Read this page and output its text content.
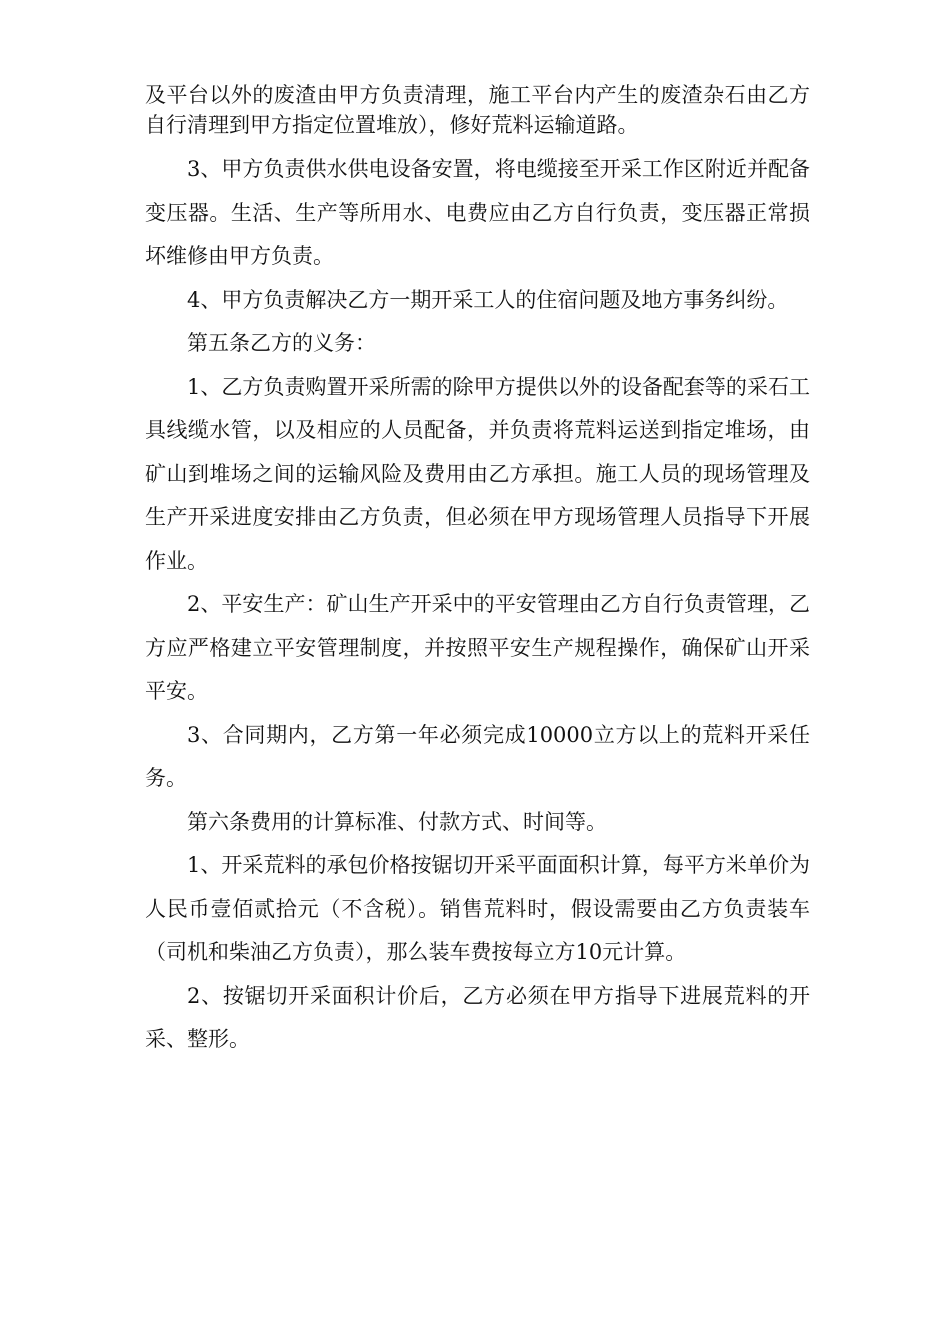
及平台以外的废渣由甲方负责清理，施工平台内产生的废渣杂石由乙方自行清理到甲方指定位置堆放），修好荒料运输道路。

3、甲方负责供水供电设备安置，将电缆接至开采工作区附近并配备变压器。生活、生产等所用水、电费应由乙方自行负责，变压器正常损坏维修由甲方负责。

4、甲方负责解决乙方一期开采工人的住宿问题及地方事务纠纷。

第五条乙方的义务：

1、乙方负责购置开采所需的除甲方提供以外的设备配套等的采石工具线缆水管，以及相应的人员配备，并负责将荒料运送到指定堆场，由矿山到堆场之间的运输风险及费用由乙方承担。施工人员的现场管理及生产开采进度安排由乙方负责，但必须在甲方现场管理人员指导下开展作业。

2、平安生产：矿山生产开采中的平安管理由乙方自行负责管理，乙方应严格建立平安管理制度，并按照平安生产规程操作，确保矿山开采平安。

3、合同期内，乙方第一年必须完成10000立方以上的荒料开采任务。

第六条费用的计算标准、付款方式、时间等。

1、开采荒料的承包价格按锯切开采平面面积计算，每平方米单价为人民币壹佰贰拾元（不含税）。销售荒料时，假设需要由乙方负责装车（司机和柴油乙方负责），那么装车费按每立方10元计算。

2、按锯切开采面积计价后，乙方必须在甲方指导下进展荒料的开采、整形。
